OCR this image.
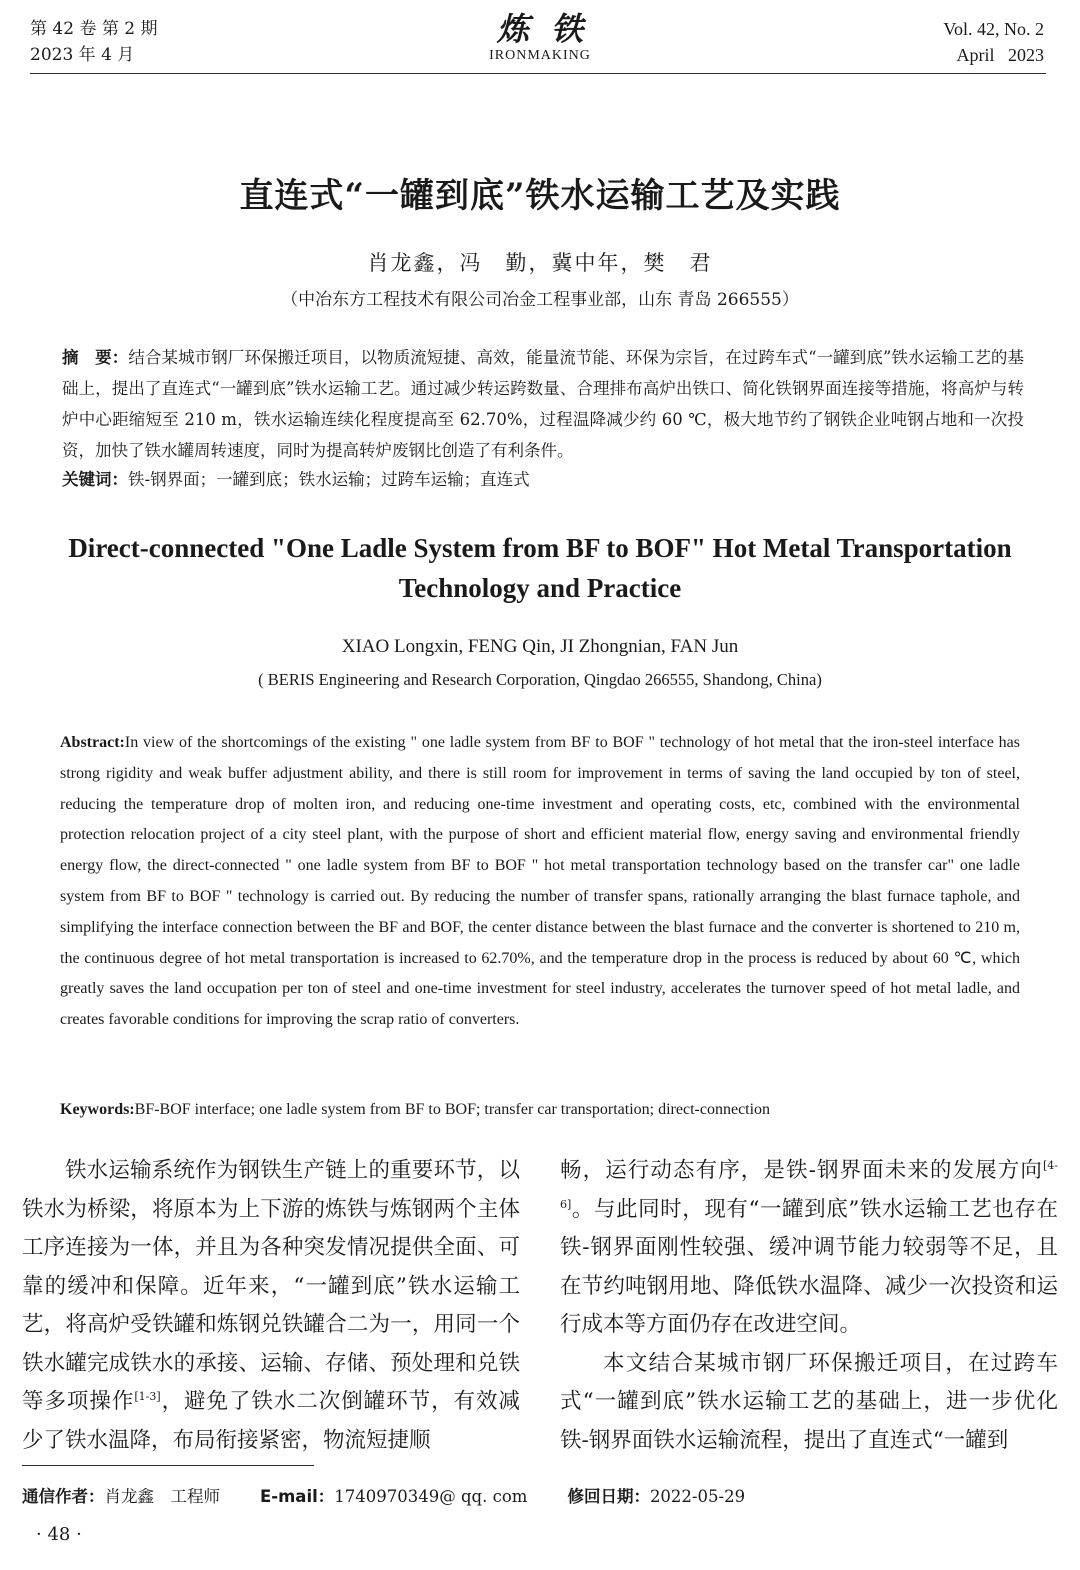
第 42 卷 第 2 期
2023 年 4 月
炼铁
IRONMAKING
Vol. 42, No. 2
April   2023
直连式“一罐到底”铁水运输工艺及实践
肖龙鑫，冯　勤，冀中年，樊　君
（中冶东方工程技术有限公司冶金工程事业部，山东 青岛 266555）
摘　要：结合某城市钢厂环保搬迁项目，以物质流短捷、高效，能量流节能、环保为宗旨，在过跨车式“一罐到底”铁水运输工艺的基础上，提出了直连式“一罐到底”铁水运输工艺。通过减少转运跨数量、合理排布高炉出铁口、简化铁钢界面连接等措施，将高炉与转炉中心距缩短至 210 m，铁水运输连续化程度提高至 62.70%，过程温降减少约 60 ℃，极大地节约了钢铁企业吨钢占地和一次投资，加快了铁水罐周转速度，同时为提高转炉废钢比创造了有利条件。
关键词：铁-钢界面；一罐到底；铁水运输；过跨车运输；直连式
Direct-connected "One Ladle System from BF to BOF" Hot Metal Transportation Technology and Practice
XIAO Longxin, FENG Qin, JI Zhongnian, FAN Jun
( BERIS Engineering and Research Corporation, Qingdao 266555, Shandong, China)
Abstract:In view of the shortcomings of the existing " one ladle system from BF to BOF " technology of hot metal that the iron-steel interface has strong rigidity and weak buffer adjustment ability, and there is still room for improvement in terms of saving the land occupied by ton of steel, reducing the temperature drop of molten iron, and reducing one-time investment and operating costs, etc, combined with the environmental protection relocation project of a city steel plant, with the purpose of short and efficient material flow, energy saving and environmental friendly energy flow, the direct-connected " one ladle system from BF to BOF " hot metal transportation technology based on the transfer car" one ladle system from BF to BOF " technology is carried out. By reducing the number of transfer spans, rationally arranging the blast furnace taphole, and simplifying the interface connection between the BF and BOF, the center distance between the blast furnace and the converter is shortened to 210 m, the continuous degree of hot metal transportation is increased to 62.70%, and the temperature drop in the process is reduced by about 60 ℃, which greatly saves the land occupation per ton of steel and one-time investment for steel industry, accelerates the turnover speed of hot metal ladle, and creates favorable conditions for improving the scrap ratio of converters.
Keywords:BF-BOF interface; one ladle system from BF to BOF; transfer car transportation; direct-connection

铁水运输系统作为钢铁生产链上的重要环节，以铁水为桥梁，将原本为上下游的炼铁与炼钢两个主体工序连接为一体，并且为各种突发情况提供全面、可靠的缓冲和保障。近年来，“一罐到底”铁水运输工艺，将高炉受铁罐和炼钢兑铁罐合二为一，用同一个铁水罐完成铁水的承接、运输、存储、预处理和兑铁等多项操作[1-3]，避免了铁水二次倒罐环节，有效减少了铁水温降，布局衔接紧密，物流短捷顺

畅，运行动态有序，是铁-钢界面未来的发展方向[4-6]。与此同时，现有“一罐到底”铁水运输工艺也存在铁-钢界面刚性较强、缓冲调节能力较弱等不足，且在节约吨钢用地、降低铁水温降、减少一次投资和运行成本等方面仍存在改进空间。

本文结合某城市钢厂环保搬迁项目，在过跨车式“一罐到底”铁水运输工艺的基础上，进一步优化铁-钢界面铁水运输流程，提出了直连式“一罐到

通信作者：肖龙鑫　工程师 E-mail：1740970349@ qq. com 修回日期：2022-05-29
· 48 ·
